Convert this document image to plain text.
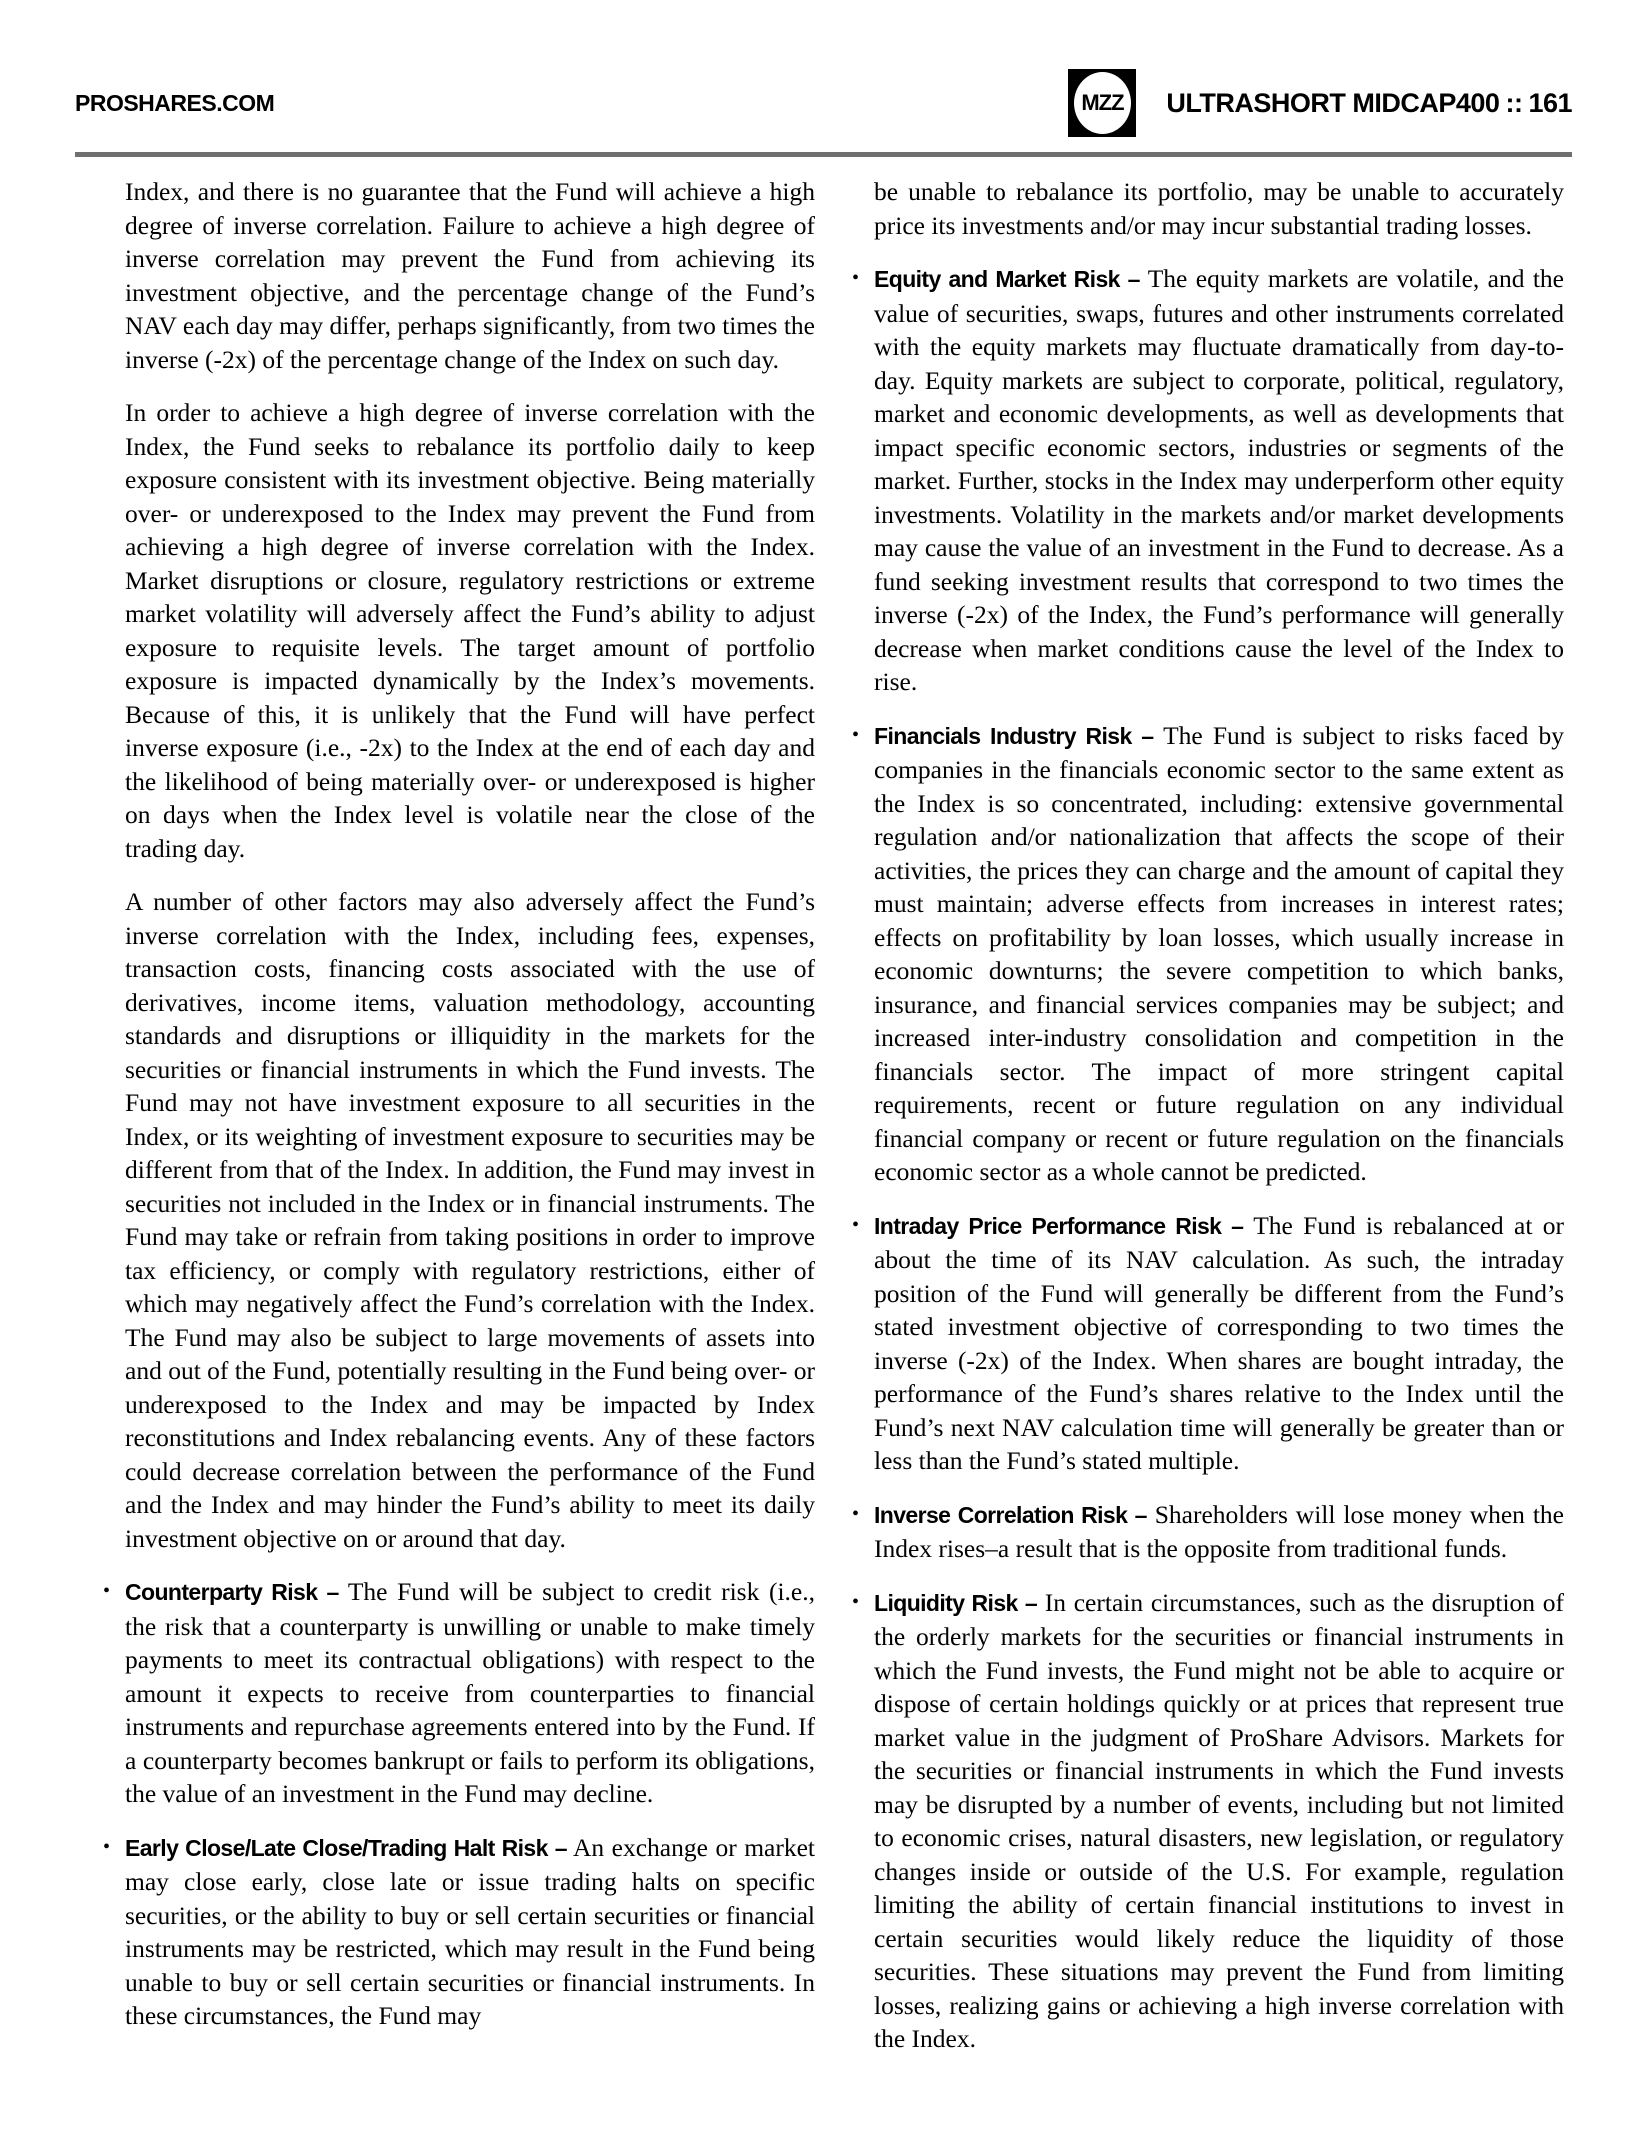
PROSHARES.COM	MZZ ULTRASHORT MIDCAP400 :: 161

Index, and there is no guarantee that the Fund will achieve a high degree of inverse correlation. Failure to achieve a high degree of inverse correlation may prevent the Fund from achieving its investment objective, and the percentage change of the Fund’s NAV each day may differ, perhaps significantly, from two times the inverse (-2x) of the percentage change of the Index on such day.

In order to achieve a high degree of inverse correlation with the Index, the Fund seeks to rebalance its portfolio daily to keep exposure consistent with its investment objective. Being materially over- or underexposed to the Index may prevent the Fund from achieving a high degree of inverse correlation with the Index. Market disruptions or closure, regulatory restrictions or extreme market volatility will adversely affect the Fund’s ability to adjust exposure to requisite levels. The target amount of portfolio exposure is impacted dynamically by the Index’s movements. Because of this, it is unlikely that the Fund will have perfect inverse exposure (i.e., -2x) to the Index at the end of each day and the likelihood of being materially over- or underexposed is higher on days when the Index level is volatile near the close of the trading day.

A number of other factors may also adversely affect the Fund’s inverse correlation with the Index, including fees, expenses, transaction costs, financing costs associated with the use of derivatives, income items, valuation methodology, accounting standards and disruptions or illiquidity in the markets for the securities or financial instruments in which the Fund invests. The Fund may not have investment exposure to all securities in the Index, or its weighting of investment exposure to securities may be different from that of the Index. In addition, the Fund may invest in securities not included in the Index or in financial instruments. The Fund may take or refrain from taking positions in order to improve tax efficiency, or comply with regulatory restrictions, either of which may negatively affect the Fund’s correlation with the Index. The Fund may also be subject to large movements of assets into and out of the Fund, potentially resulting in the Fund being over- or underexposed to the Index and may be impacted by Index reconstitutions and Index rebalancing events. Any of these factors could decrease correlation between the performance of the Fund and the Index and may hinder the Fund’s ability to meet its daily investment objective on or around that day.

• Counterparty Risk – The Fund will be subject to credit risk (i.e., the risk that a counterparty is unwilling or unable to make timely payments to meet its contractual obligations) with respect to the amount it expects to receive from counterparties to financial instruments and repurchase agreements entered into by the Fund. If a counterparty becomes bankrupt or fails to perform its obligations, the value of an investment in the Fund may decline.
• Early Close/Late Close/Trading Halt Risk – An exchange or market may close early, close late or issue trading halts on specific securities, or the ability to buy or sell certain securities or financial instruments may be restricted, which may result in the Fund being unable to buy or sell certain securities or financial instruments. In these circumstances, the Fund may

be unable to rebalance its portfolio, may be unable to accurately price its investments and/or may incur substantial trading losses.

• Equity and Market Risk – The equity markets are volatile, and the value of securities, swaps, futures and other instruments correlated with the equity markets may fluctuate dramatically from day-to-day. Equity markets are subject to corporate, political, regulatory, market and economic developments, as well as developments that impact specific economic sectors, industries or segments of the market. Further, stocks in the Index may underperform other equity investments. Volatility in the markets and/or market developments may cause the value of an investment in the Fund to decrease. As a fund seeking investment results that correspond to two times the inverse (-2x) of the Index, the Fund’s performance will generally decrease when market conditions cause the level of the Index to rise.
• Financials Industry Risk – The Fund is subject to risks faced by companies in the financials economic sector to the same extent as the Index is so concentrated, including: extensive governmental regulation and/or nationalization that affects the scope of their activities, the prices they can charge and the amount of capital they must maintain; adverse effects from increases in interest rates; effects on profitability by loan losses, which usually increase in economic downturns; the severe competition to which banks, insurance, and financial services companies may be subject; and increased inter-industry consolidation and competition in the financials sector. The impact of more stringent capital requirements, recent or future regulation on any individual financial company or recent or future regulation on the financials economic sector as a whole cannot be predicted.
• Intraday Price Performance Risk – The Fund is rebalanced at or about the time of its NAV calculation. As such, the intraday position of the Fund will generally be different from the Fund’s stated investment objective of corresponding to two times the inverse (-2x) of the Index. When shares are bought intraday, the performance of the Fund’s shares relative to the Index until the Fund’s next NAV calculation time will generally be greater than or less than the Fund’s stated multiple.
• Inverse Correlation Risk – Shareholders will lose money when the Index rises–a result that is the opposite from traditional funds.
• Liquidity Risk – In certain circumstances, such as the disruption of the orderly markets for the securities or financial instruments in which the Fund invests, the Fund might not be able to acquire or dispose of certain holdings quickly or at prices that represent true market value in the judgment of ProShare Advisors. Markets for the securities or financial instruments in which the Fund invests may be disrupted by a number of events, including but not limited to economic crises, natural disasters, new legislation, or regulatory changes inside or outside of the U.S. For example, regulation limiting the ability of certain financial institutions to invest in certain securities would likely reduce the liquidity of those securities. These situations may prevent the Fund from limiting losses, realizing gains or achieving a high inverse correlation with the Index.
